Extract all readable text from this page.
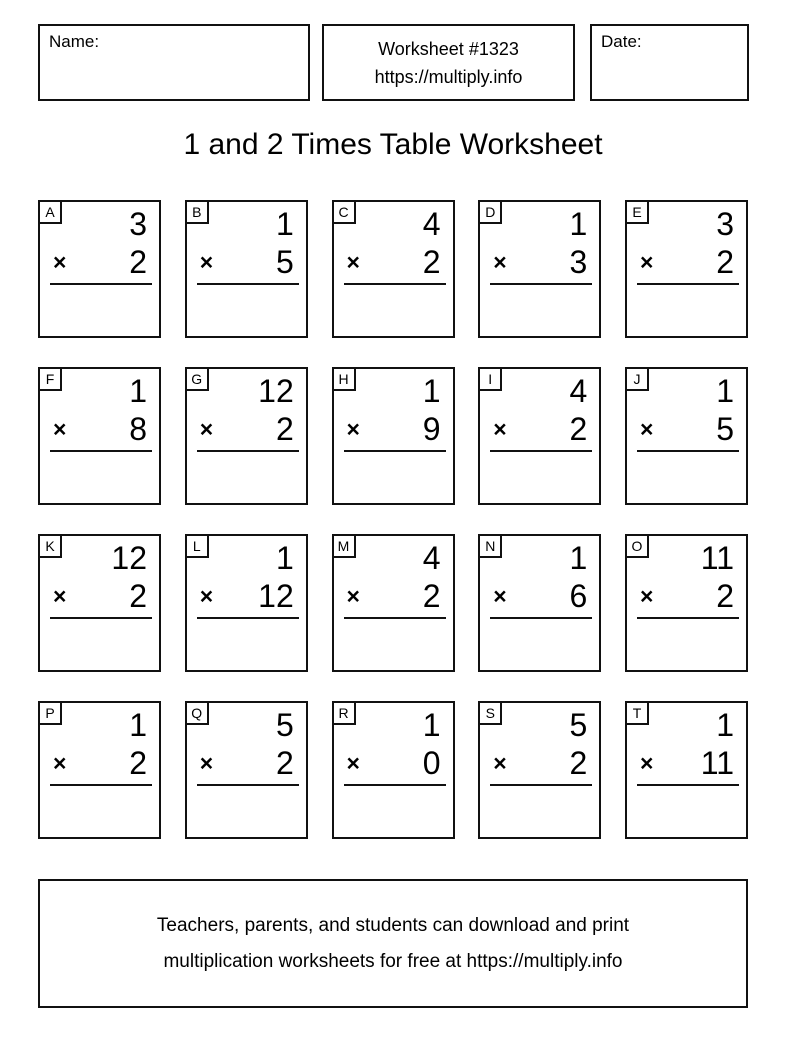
Name:	Worksheet #1323
https://multiply.info
Date:
1 and 2 Times Table Worksheet
A	3
× 2
B	1
× 5
C	4
× 2
D	1
× 3
E	3
× 2
F	1
× 8
G	12
× 2
H	1
× 9
I	4
× 2
J	1
× 5
K	12
× 2
L	1
× 12
M	4
× 2
N	1
× 6
O	11
× 2
P	1
× 2
Q	5
× 2
R	1
× 0
S	5
× 2
T	1
× 11
Teachers, parents, and students can download and print
multiplication worksheets for free at https://multiply.info
